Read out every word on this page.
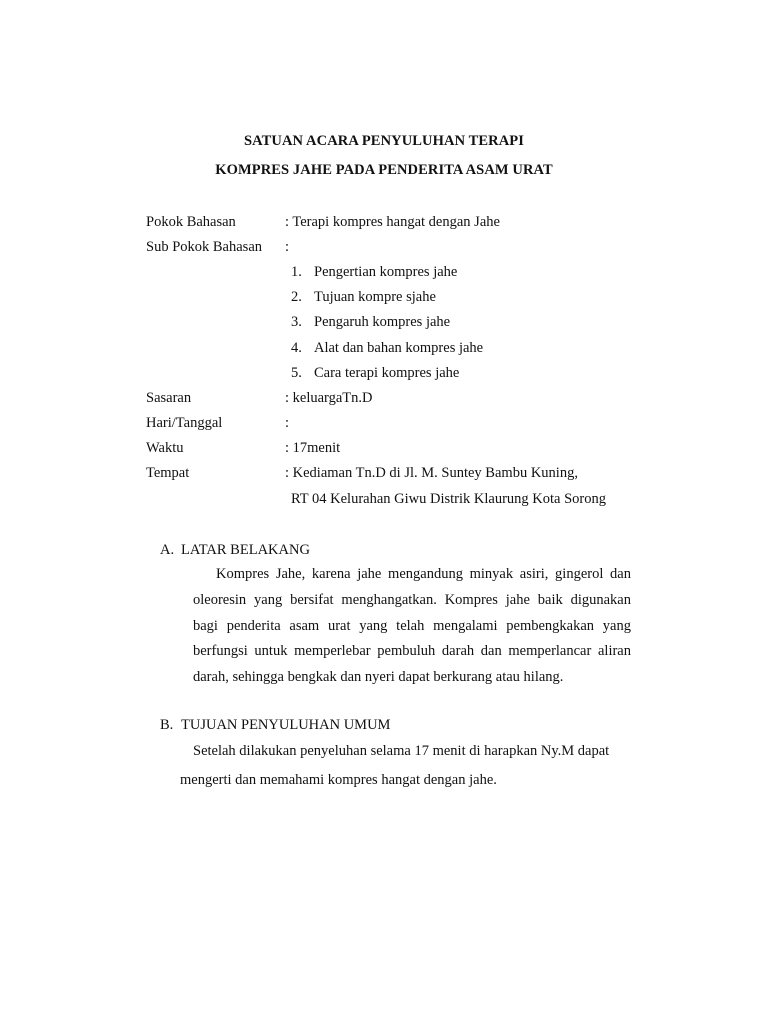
SATUAN ACARA PENYULUHAN TERAPI
KOMPRES JAHE PADA PENDERITA ASAM URAT
Pokok Bahasan	: Terapi kompres hangat dengan Jahe
Sub Pokok Bahasan :
1. Pengertian kompres jahe
2. Tujuan kompre sjahe
3. Pengaruh kompres jahe
4. Alat dan bahan kompres jahe
5. Cara terapi kompres jahe
Sasaran	: keluargaTn.D
Hari/Tanggal	:
Waktu	: 17menit
Tempat	: Kediaman Tn.D di Jl. M. Suntey Bambu Kuning,
RT 04 Kelurahan Giwu Distrik Klaurung Kota Sorong
A. LATAR BELAKANG
Kompres Jahe, karena jahe mengandung minyak asiri, gingerol dan
oleoresin yang bersifat menghangatkan. Kompres jahe baik digunakan
bagi penderita asam urat yang telah mengalami pembengkakan yang
berfungsi untuk memperlebar pembuluh darah dan memperlancar aliran
darah, sehingga bengkak dan nyeri dapat berkurang atau hilang.
B. TUJUAN PENYULUHAN UMUM
Setelah dilakukan penyeluhan selama 17 menit di harapkan Ny.M dapat
mengerti dan memahami kompres hangat dengan jahe.
